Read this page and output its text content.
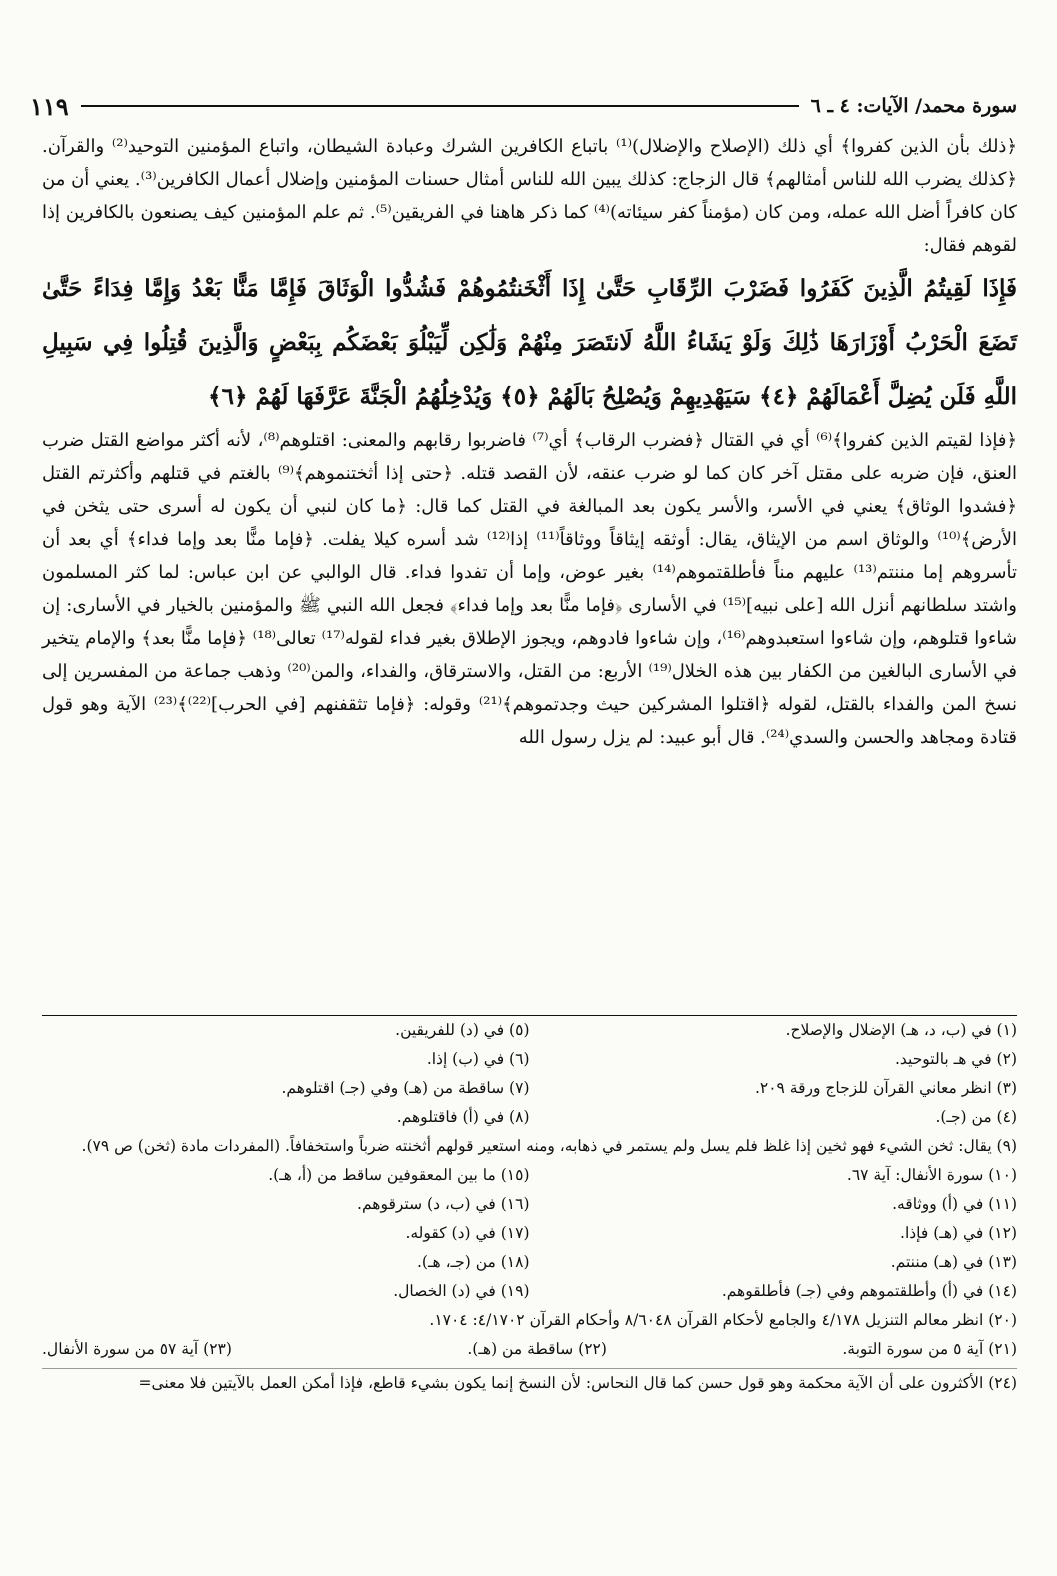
سورة محمد/ الآيات: ٤ ـ ٦
١١٩

﴿ذلك بأن الذين كفروا﴾ أي ذلك (الإصلاح والإضلال)⁽¹⁾ باتباع الكافرين الشرك وعبادة الشيطان، واتباع المؤمنين التوحيد⁽²⁾ والقرآن. ﴿كذلك يضرب الله للناس أمثالهم﴾ قال الزجاج: كذلك يبين الله للناس أمثال حسنات المؤمنين وإضلال أعمال الكافرين⁽³⁾. يعني أن من كان كافراً أضل الله عمله، ومن كان (مؤمناً كفر سيئاته)⁽⁴⁾ كما ذكر هاهنا في الفريقين⁽⁵⁾. ثم علم المؤمنين كيف يصنعون بالكافرين إذا لقوهم فقال:

فَإِذَا لَقِيتُمُ الَّذِينَ كَفَرُوا فَضَرْبَ الرِّقَابِ حَتَّىٰ إِذَا أَثْخَنتُمُوهُمْ فَشُدُّوا الْوَثَاقَ فَإِمَّا مَنًّا بَعْدُ وَإِمَّا فِدَاءً حَتَّىٰ تَضَعَ الْحَرْبُ أَوْزَارَهَا ذَٰلِكَ وَلَوْ يَشَاءُ اللَّهُ لَانتَصَرَ مِنْهُمْ وَلَٰكِن لِّيَبْلُوَ بَعْضَكُم بِبَعْضٍ وَالَّذِينَ قُتِلُوا فِي سَبِيلِ اللَّهِ فَلَن يُضِلَّ أَعْمَالَهُمْ ﴿٤﴾ سَيَهْدِيهِمْ وَيُصْلِحُ بَالَهُمْ ﴿٥﴾ وَيُدْخِلُهُمُ الْجَنَّةَ عَرَّفَهَا لَهُمْ ﴿٦﴾

﴿فإذا لقيتم الذين كفروا﴾⁽⁶⁾ أي في القتال ﴿فضرب الرقاب﴾ أي⁽⁷⁾ فاضربوا رقابهم والمعنى: اقتلوهم⁽⁸⁾، لأنه أكثر مواضع القتل ضرب العنق، فإن ضربه على مقتل آخر كان كما لو ضرب عنقه، لأن القصد قتله. ﴿حتى إذا أثختنموهم﴾⁽⁹⁾ بالغتم في قتلهم وأكثرتم القتل ﴿فشدوا الوثاق﴾ يعني في الأسر، والأسر يكون بعد المبالغة في القتل كما قال: ﴿ما كان لنبي أن يكون له أسرى حتى يثخن في الأرض﴾⁽¹⁰⁾ والوثاق اسم من الإيثاق، يقال: أوثقه إيثاقاً ووثاقاً⁽¹¹⁾ إذا⁽¹²⁾ شد أسره كيلا يفلت. ﴿فإما منًّا بعد وإما فداء﴾ أي بعد أن تأسروهم إما مننتم⁽¹³⁾ عليهم مناً فأطلقتموهم⁽¹⁴⁾ بغير عوض، وإما أن تفدوا فداء. قال الوالبي عن ابن عباس: لما كثر المسلمون واشتد سلطانهم أنزل الله [على نبيه]⁽¹⁵⁾ في الأسارى ﴿فإما منًّا بعد وإما فداء﴾ فجعل الله النبي ﷺ والمؤمنين بالخيار في الأسارى: إن شاءوا قتلوهم، وإن شاءوا استعبدوهم⁽¹⁶⁾، وإن شاءوا فادوهم، ويجوز الإطلاق بغير فداء لقوله⁽¹⁷⁾ تعالى⁽¹⁸⁾ ﴿فإما منًّا بعد﴾ والإمام يتخير في الأسارى البالغين من الكفار بين هذه الخلال⁽¹⁹⁾ الأربع: من القتل، والاسترقاق، والفداء، والمن⁽²⁰⁾ وذهب جماعة من المفسرين إلى نسخ المن والفداء بالقتل، لقوله ﴿اقتلوا المشركين حيث وجدتموهم﴾⁽²¹⁾ وقوله: ﴿فإما تثقفنهم [في الحرب]⁽²²⁾﴾⁽²³⁾ الآية وهو قول قتادة ومجاهد والحسن والسدي⁽²⁴⁾. قال أبو عبيد: لم يزل رسول الله

(١) في (ب، د، هـ) الإضلال والإصلاح.
(٢) في هـ بالتوحيد.
(٣) انظر معاني القرآن للزجاج ورقة ٢٠٩.
(٤) من (جـ).
(٥) في (د) للفريقين.
(٦) في (ب) إذا.
(٧) ساقطة من (هـ) وفي (جـ) اقتلوهم.
(٨) في (أ) فاقتلوهم.
(٩) يقال: ثخن الشيء فهو ثخين إذا غلظ فلم يسل ولم يستمر في ذهابه، ومنه استعير قولهم أثخنته ضرباً واستخفافاً. (المفردات مادة (ثخن) ص ٧٩).
(١٠) سورة الأنفال: آية ٦٧.
(١١) في (أ) ووثاقه.
(١٢) في (هـ) فإذا.
(١٣) في (هـ) مننتم.
(١٤) في (أ) وأطلقتموهم وفي (جـ) فأطلقوهم.
(١٥) ما بين المعقوفين ساقط من (أ، هـ).
(١٦) في (ب، د) سترقوهم.
(١٧) في (د) كقوله.
(١٨) من (جـ، هـ).
(١٩) في (د) الخصال.
(٢٠) انظر معالم التنزيل ٤/١٧٨ والجامع لأحكام القرآن ٨/٦٠٤٨ وأحكام القرآن ٤/١٧٠٢: ١٧٠٤.
(٢١) آية ٥ من سورة التوبة.
(٢٢) ساقطة من (هـ).
(٢٣) آية ٥٧ من سورة الأنفال.
(٢٤) الأكثرون على أن الآية محكمة وهو قول حسن كما قال النحاس: لأن النسخ إنما يكون بشيء قاطع، فإذا أمكن العمل بالآيتين فلا معنى=
